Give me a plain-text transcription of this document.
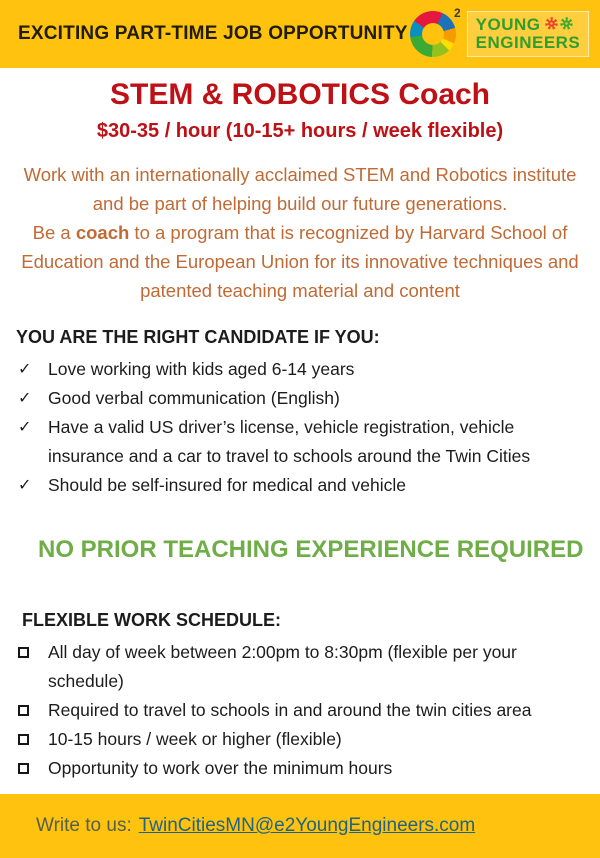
EXCITING PART-TIME JOB OPPORTUNITY
2
YOUNG
ENGINEERS
STEM & ROBOTICS Coach
$30-35 / hour (10-15+ hours / week flexible)
Work with an internationally acclaimed STEM and Robotics institute
and be part of helping build our future generations.
Be a coach to a program that is recognized by Harvard School of
Education and the European Union for its innovative techniques and
patented teaching material and content
YOU ARE THE RIGHT CANDIDATE IF YOU:
✓ Love working with kids aged 6-14 years
✓ Good verbal communication (English)
✓ Have a valid US driver’s license, vehicle registration, vehicle insurance and a car to travel to schools around the Twin Cities
✓ Should be self-insured for medical and vehicle
NO PRIOR TEACHING EXPERIENCE REQUIRED
FLEXIBLE WORK SCHEDULE:
All day of week between 2:00pm to 8:30pm (flexible per your schedule)
Required to travel to schools in and around the twin cities area
10-15 hours / week or higher (flexible)
Opportunity to work over the minimum hours
Write to us: TwinCitiesMN@e2YoungEngineers.com
